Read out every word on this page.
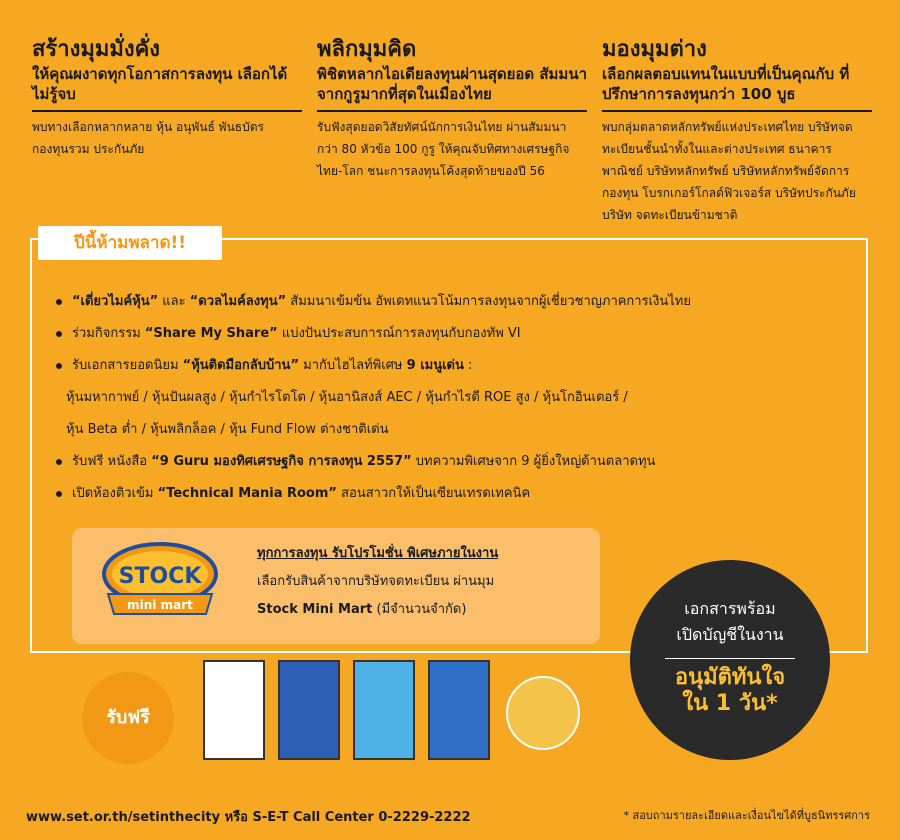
สร้างมุมมั่งคั่ง
ให้คุณผงาดทุกโอกาสการลงทุน เลือกได้ไม่รู้จบ
พบทางเลือกหลากหลาย หุ้น อนุพันธ์ พันธบัตร กองทุนรวม ประกันภัย
พลิกมุมคิด
พิชิตหลากไอเดียลงทุนผ่านสุดยอด สัมมนา จากกูรูมากที่สุดในเมืองไทย
รับฟังสุดยอดวิสัยทัศน์นักการเงินไทย ผ่านสัมมนา กว่า 80 หัวข้อ 100 กูรู ให้คุณจับทิศทางเศรษฐกิจ ไทย-โลก ชนะการลงทุนโค้งสุดท้ายของปี 56
มองมุมต่าง
เลือกผลตอบแทนในแบบที่เป็นคุณกับ ที่ปรึกษาการลงทุนกว่า 100 บูธ
พบกลุ่มตลาดหลักทรัพย์แห่งประเทศไทย บริษัทจด ทะเบียนชั้นนำทั้งในและต่างประเทศ ธนาคารพาณิชย์ บริษัทหลักทรัพย์ บริษัทหลักทรัพย์จัดการกองทุน โบรกเกอร์โกลด์ฟิวเจอร์ส บริษัทประกันภัย บริษัท จดทะเบียนข้ามชาติ
ปีนี้ห้ามพลาด!!
“เดี่ยวไมค์หุ้น” และ “ดวลไมค์ลงทุน” สัมมนาเข้มข้น อัพเดทแนวโน้มการลงทุนจากผู้เชี่ยวชาญภาคการเงินไทย
ร่วมกิจกรรม “Share My Share” แบ่งปันประสบการณ์การลงทุนกับกองทัพ VI
รับเอกสารยอดนิยม “หุ้นติดมือกลับบ้าน” มากับไฮไลท์พิเศษ 9 เมนูเด่น :
หุ้นมหากาพย์ / หุ้นปันผลสูง / หุ้นกำไรโตโต / หุ้นอานิสงส์ AEC / หุ้นกำไรดี ROE สูง / หุ้นโกอินเตอร์ /
หุ้น Beta ต่ำ / หุ้นพลิกล็อค / หุ้น Fund Flow ต่างชาติเด่น
รับฟรี หนังสือ “9 Guru มองทิศเศรษฐกิจ การลงทุน 2557” บทความพิเศษจาก 9 ผู้ยิ่งใหญ่ด้านตลาดทุน
เปิดห้องติวเข้ม “Technical Mania Room” สอนสาวกให้เป็นเซียนเทรดเทคนิค
STOCK
mini mart
ทุกการลงทุน รับโปรโมชั่น พิเศษภายในงาน
เลือกรับสินค้าจากบริษัทจดทะเบียน ผ่านมุม
Stock Mini Mart (มีจำนวนจำกัด)	เอกสารพร้อม
เปิดบัญชีในงาน
อนุมัติทันใจ
ใน 1 วัน*
รับฟรี
www.set.or.th/setinthecity หรือ S-E-T Call Center 0-2229-2222	* สอบถามรายละเอียดและเงื่อนไขได้ที่บูธนิทรรศการ
